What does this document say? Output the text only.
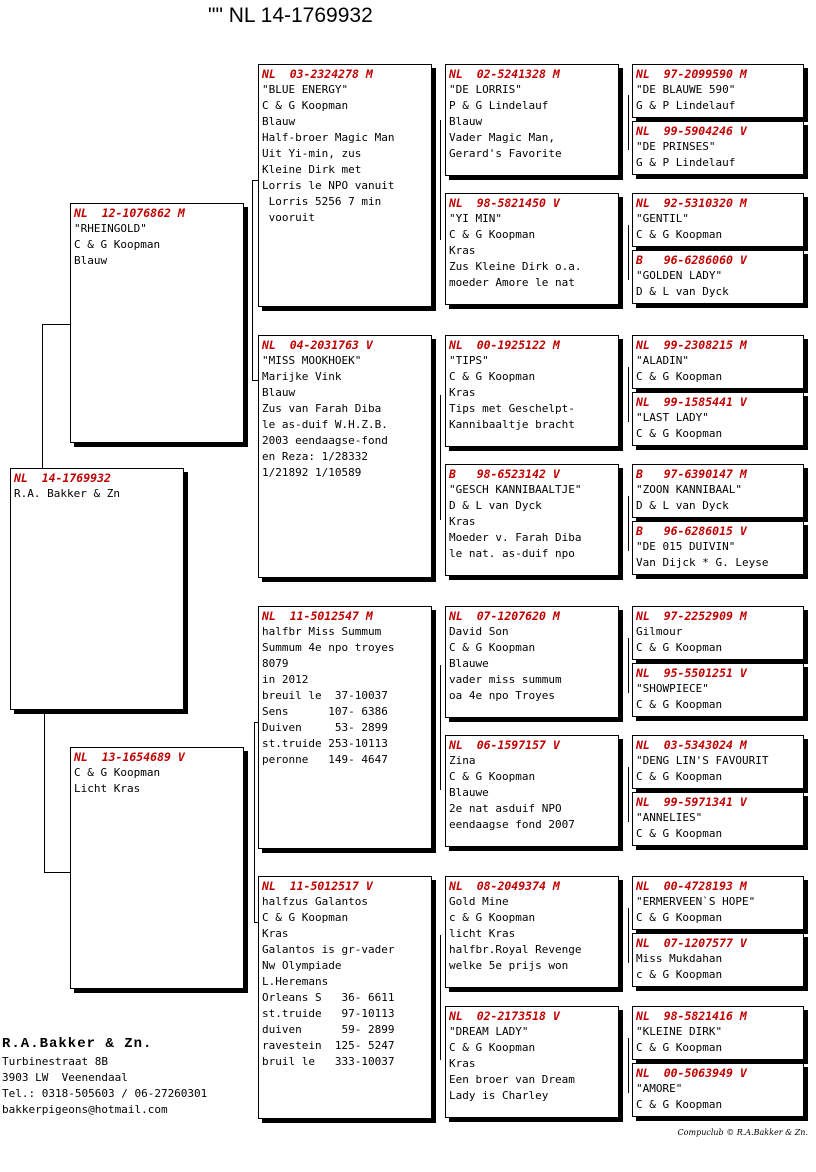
"" NL 14-1769932
NL  14-1769932
R.A. Bakker & Zn
NL  12-1076862 M
"RHEINGOLD"
C & G Koopman
Blauw
NL  13-1654689 V
C & G Koopman
Licht Kras
NL  03-2324278 M
"BLUE ENERGY"
C & G Koopman
Blauw
Half-broer Magic Man
Uit Yi-min, zus
Kleine Dirk met
Lorris le NPO vanuit
Lorris 5256 7 min
vooruit
NL  04-2031763 V
"MISS MOOKHOEK"
Marijke Vink
Blauw
Zus van Farah Diba
le as-duif W.H.Z.B.
2003 eendaagse-fond
en Reza: 1/28332
1/21892 1/10589
NL  11-5012547 M
halfbr Miss Summum
Summum 4e npo troyes
8079
in 2012
breuil le  37-10037
Sens      107- 6386
Duiven     53- 2899
st.truide 253-10113
peronne   149- 4647
NL  11-5012517 V
halfzus Galantos
C & G Koopman
Kras
Galantos is gr-vader
Nw Olympiade
L.Heremans
Orleans S   36- 6611
st.truide   97-10113
duiven      59- 2899
ravestein  125- 5247
bruil le   333-10037
NL  02-5241328 M
"DE LORRIS"
P & G Lindelauf
Blauw
Vader Magic Man,
Gerard's Favorite
NL  98-5821450 V
"YI MIN"
C & G Koopman
Kras
Zus Kleine Dirk o.a.
moeder Amore le nat
NL  00-1925122 M
"TIPS"
C & G Koopman
Kras
Tips met Geschelpt-
Kannibaaltje bracht
B   98-6523142 V
"GESCH KANNIBAALTJE"
D & L van Dyck
Kras
Moeder v. Farah Diba
le nat. as-duif npo
NL  07-1207620 M
David Son
C & G Koopman
Blauwe
vader miss summum
oa 4e npo Troyes
NL  06-1597157 V
Zina
C & G Koopman
Blauwe
2e nat asduif NPO
eendaagse fond 2007
NL  08-2049374 M
Gold Mine
c & G Koopman
licht Kras
halfbr.Royal Revenge
welke 5e prijs won
NL  02-2173518 V
"DREAM LADY"
C & G Koopman
Kras
Een broer van Dream
Lady is Charley
NL  97-2099590 M
"DE BLAUWE 590"
G & P Lindelauf
NL  99-5904246 V
"DE PRINSES"
G & P Lindelauf
NL  92-5310320 M
"GENTIL"
C & G Koopman
B   96-6286060 V
"GOLDEN LADY"
D & L van Dyck
NL  99-2308215 M
"ALADIN"
C & G Koopman
NL  99-1585441 V
"LAST LADY"
C & G Koopman
B   97-6390147 M
"ZOON KANNIBAAL"
D & L van Dyck
B   96-6286015 V
"DE 015 DUIVIN"
Van Dijck * G. Leyse
NL  97-2252909 M
Gilmour
C & G Koopman
NL  95-5501251 V
"SHOWPIECE"
C & G Koopman
NL  03-5343024 M
"DENG LIN'S FAVOURIT
C & G Koopman
NL  99-5971341 V
"ANNELIES"
C & G Koopman
NL  00-4728193 M
"ERMERVEEN`S HOPE"
C & G Koopman
NL  07-1207577 V
Miss Mukdahan
c & G Koopman
NL  98-5821416 M
"KLEINE DIRK"
C & G Koopman
NL  00-5063949 V
"AMORE"
C & G Koopman
R.A.Bakker & Zn.
Turbinestraat 8B
3903 LW  Veenendaal
Tel.: 0318-505603 / 06-27260301
bakkerpigeons@hotmail.com
Compuclub © R.A.Bakker & Zn.
